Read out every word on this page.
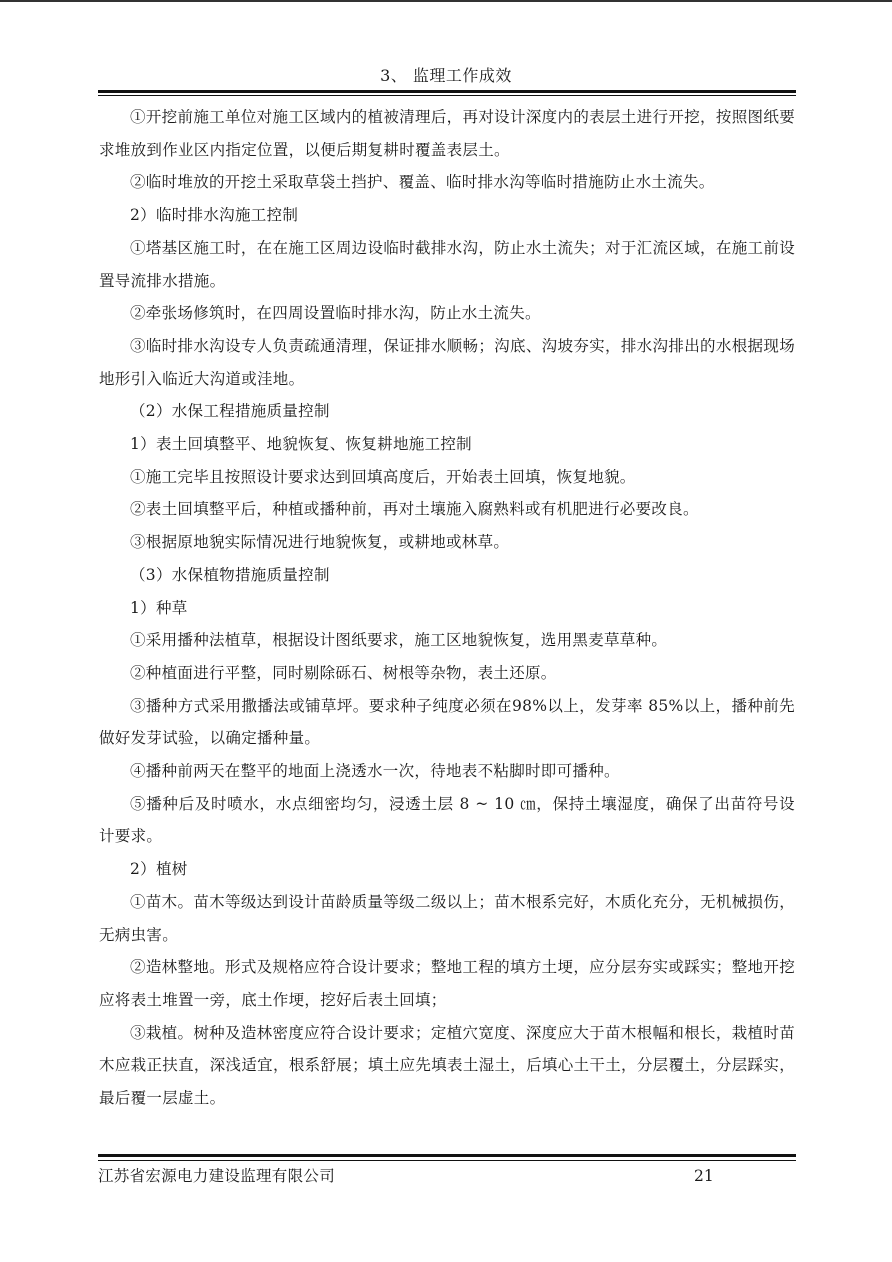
3、 监理工作成效

①开挖前施工单位对施工区域内的植被清理后，再对设计深度内的表层土进行开挖，按照图纸要求堆放到作业区内指定位置，以便后期复耕时覆盖表层土。

②临时堆放的开挖土采取草袋土挡护、覆盖、临时排水沟等临时措施防止水土流失。

2）临时排水沟施工控制

①塔基区施工时，在在施工区周边设临时截排水沟，防止水土流失；对于汇流区域，在施工前设置导流排水措施。

②牵张场修筑时，在四周设置临时排水沟，防止水土流失。

③临时排水沟设专人负责疏通清理，保证排水顺畅；沟底、沟坡夯实，排水沟排出的水根据现场地形引入临近大沟道或洼地。

（2）水保工程措施质量控制

1）表土回填整平、地貌恢复、恢复耕地施工控制

①施工完毕且按照设计要求达到回填高度后，开始表土回填，恢复地貌。

②表土回填整平后，种植或播种前，再对土壤施入腐熟料或有机肥进行必要改良。

③根据原地貌实际情况进行地貌恢复，或耕地或林草。

（3）水保植物措施质量控制

1）种草

①采用播种法植草，根据设计图纸要求，施工区地貌恢复，选用黑麦草草种。

②种植面进行平整，同时剔除砾石、树根等杂物，表土还原。

③播种方式采用撒播法或铺草坪。要求种子纯度必须在98%以上，发芽率 85%以上，播种前先做好发芽试验，以确定播种量。

④播种前两天在整平的地面上浇透水一次，待地表不粘脚时即可播种。

⑤播种后及时喷水，水点细密均匀，浸透土层 8 ~ 10 ㎝，保持土壤湿度，确保了出苗符号设计要求。

2）植树

①苗木。苗木等级达到设计苗龄质量等级二级以上；苗木根系完好，木质化充分，无机械损伤，无病虫害。

②造林整地。形式及规格应符合设计要求；整地工程的填方土埂，应分层夯实或踩实；整地开挖应将表土堆置一旁，底土作埂，挖好后表土回填；

③栽植。树种及造林密度应符合设计要求；定植穴宽度、深度应大于苗木根幅和根长，栽植时苗木应栽正扶直，深浅适宜，根系舒展；填土应先填表土湿土，后填心土干土，分层覆土，分层踩实，最后覆一层虚土。

江苏省宏源电力建设监理有限公司	21
